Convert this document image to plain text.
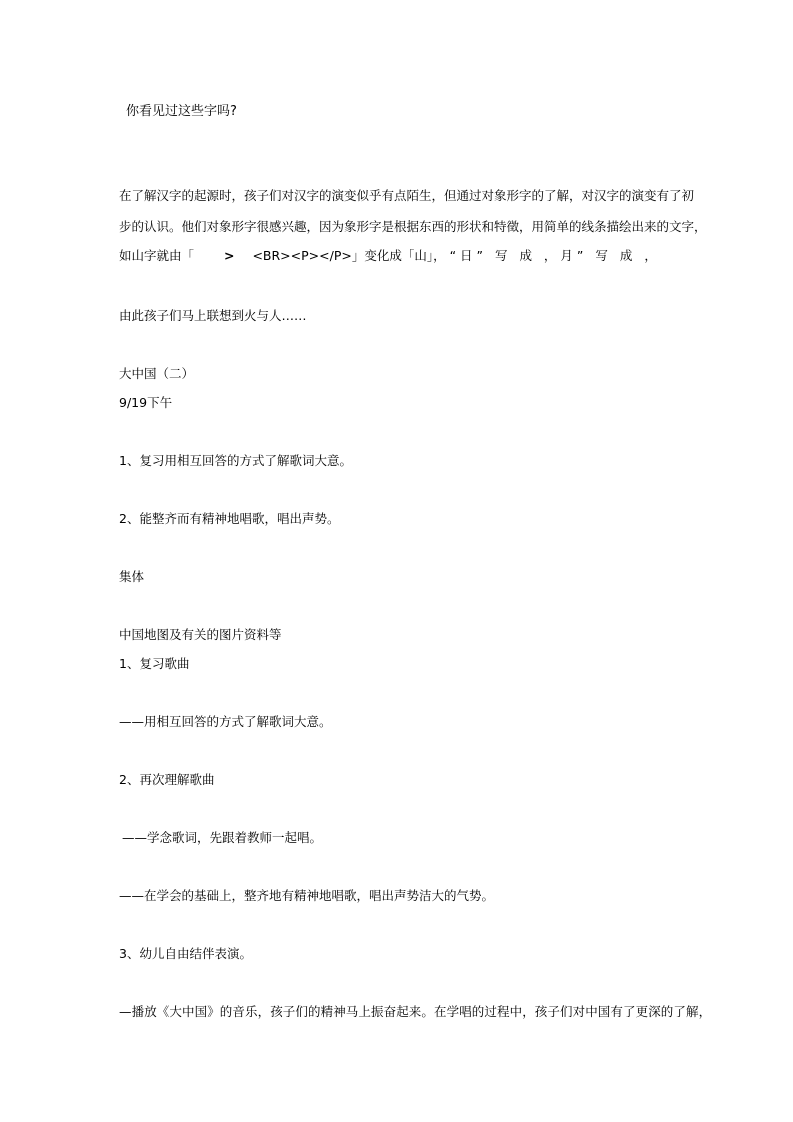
你看见过这些字吗?
在了解汉字的起源时，孩子们对汉字的演变似乎有点陌生，但通过对象形字的了解，对汉字的演变有了初
步的认识。他们对象形字很感兴趣，因为象形字是根据东西的形状和特徵，用简单的线条描绘出来的文字，
如山字就由「 > <BR><P></P>」变化成「山」， “日” 写 成 ，月” 写 成 ，
由此孩子们马上联想到火与人……
大中国（二）
9/19下午
1、复习用相互回答的方式了解歌词大意。
2、能整齐而有精神地唱歌，唱出声势。
集体
中国地图及有关的图片资料等
1、复习歌曲
——用相互回答的方式了解歌词大意。
2、再次理解歌曲
——学念歌词，先跟着教师一起唱。
——在学会的基础上，整齐地有精神地唱歌，唱出声势洁大的气势。
3、幼儿自由结伴表演。
—播放《大中国》的音乐，孩子们的精神马上振奋起来。在学唱的过程中，孩子们对中国有了更深的了解，
